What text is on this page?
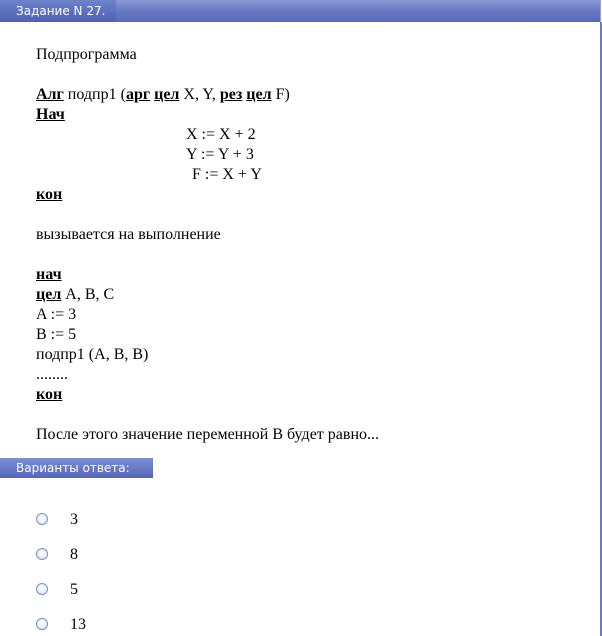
Задание N 27.
Подпрограмма
Алг подпр1 (арг цел X, Y, рез цел F)
Нач
X := X + 2
Y := Y + 3
F := X + Y
кон
вызывается на выполнение
нач
цел A, B, C
A := 3
B := 5
подпр1 (A, B, B)
........
кон
После этого значение переменной B будет равно...
Варианты ответа:
3
8
5
13
